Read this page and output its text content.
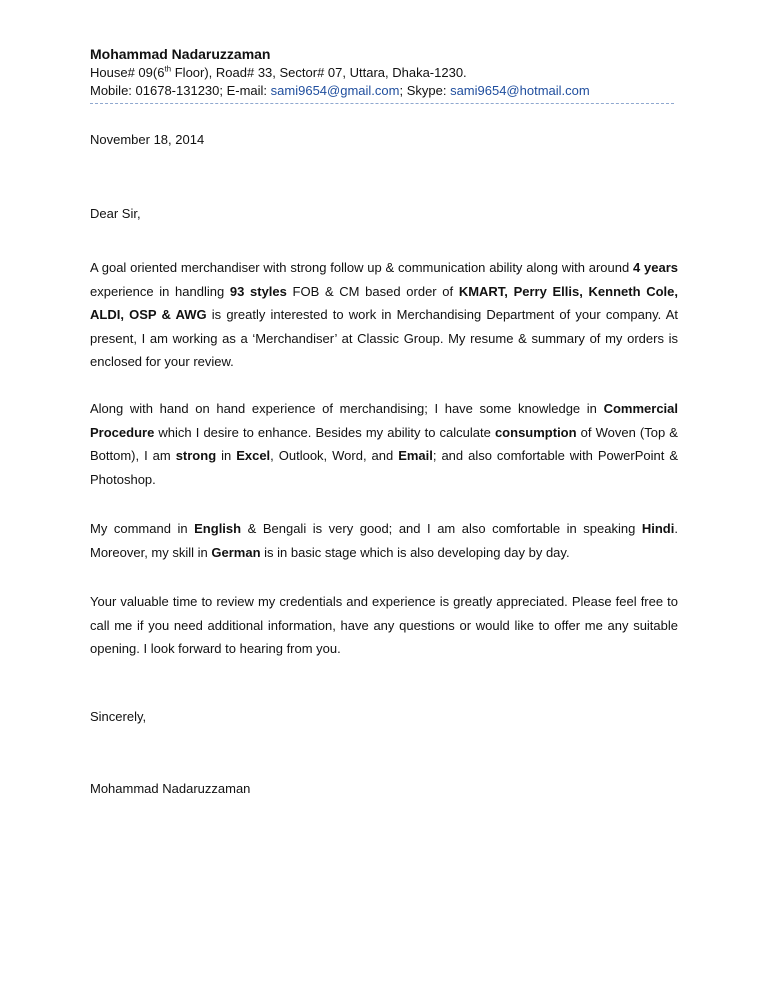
Mohammad Nadaruzzaman

House# 09(6th Floor), Road# 33, Sector# 07, Uttara, Dhaka-1230.

Mobile: 01678-131230; E-mail: sami9654@gmail.com; Skype: sami9654@hotmail.com

November 18, 2014

Dear Sir,

A goal oriented merchandiser with strong follow up & communication ability along with around 4 years experience in handling 93 styles FOB & CM based order of KMART, Perry Ellis, Kenneth Cole, ALDI, OSP & AWG is greatly interested to work in Merchandising Department of your company. At present, I am working as a ‘Merchandiser’ at Classic Group. My resume & summary of my orders is enclosed for your review.

Along with hand on hand experience of merchandising; I have some knowledge in Commercial Procedure which I desire to enhance. Besides my ability to calculate consumption of Woven (Top & Bottom), I am strong in Excel, Outlook, Word, and Email; and also comfortable with PowerPoint & Photoshop.

My command in English & Bengali is very good; and I am also comfortable in speaking Hindi. Moreover, my skill in German is in basic stage which is also developing day by day.

Your valuable time to review my credentials and experience is greatly appreciated. Please feel free to call me if you need additional information, have any questions or would like to offer me any suitable opening. I look forward to hearing from you.

Sincerely,

Mohammad Nadaruzzaman
